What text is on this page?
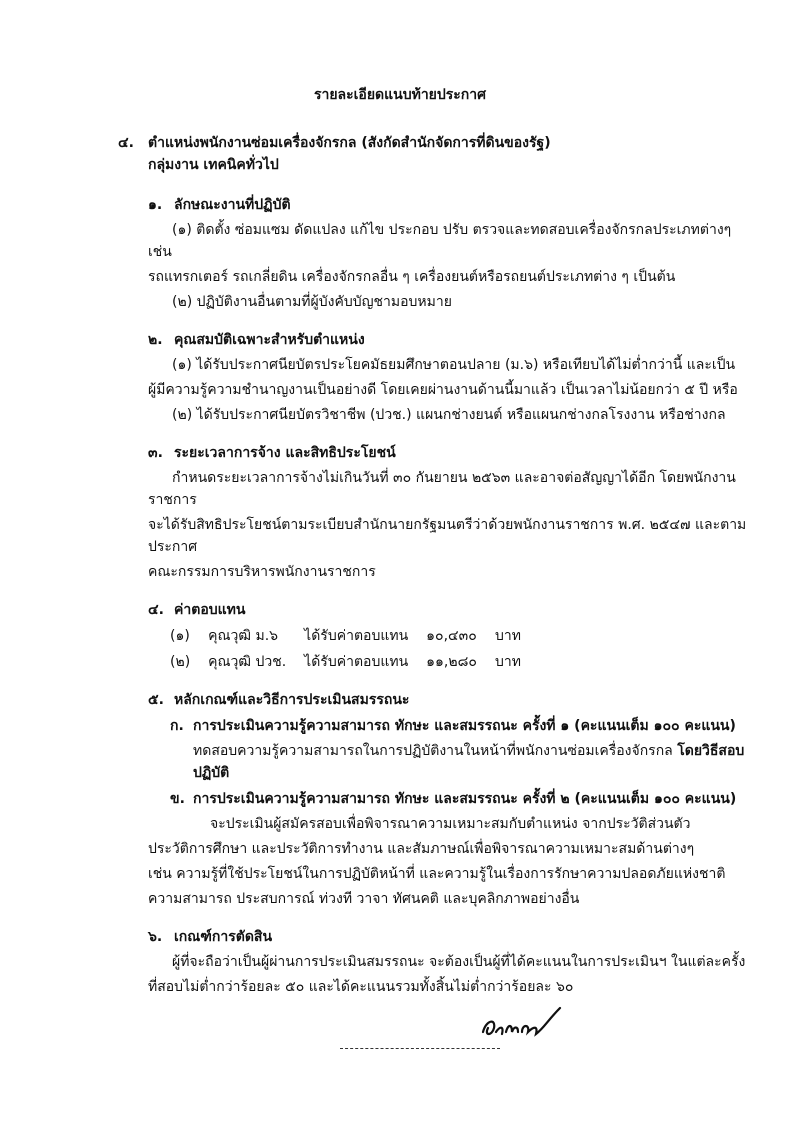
รายละเอียดแนบท้ายประกาศ
๔.	ตำแหน่งพนักงานซ่อมเครื่องจักรกล (สังกัดสำนักจัดการที่ดินของรัฐ)
กลุ่มงาน เทคนิคทั่วไป
๑. ลักษณะงานที่ปฏิบัติ
(๑) ติดตั้ง ซ่อมแซม ดัดแปลง แก้ไข ประกอบ ปรับ ตรวจและทดสอบเครื่องจักรกลประเภทต่างๆ เช่น
รถแทรกเตอร์ รถเกลี่ยดิน เครื่องจักรกลอื่น ๆ เครื่องยนต์หรือรถยนต์ประเภทต่าง ๆ เป็นต้น
(๒) ปฏิบัติงานอื่นตามที่ผู้บังคับบัญชามอบหมาย
๒. คุณสมบัติเฉพาะสำหรับตำแหน่ง
(๑) ได้รับประกาศนียบัตรประโยคมัธยมศึกษาตอนปลาย (ม.๖) หรือเทียบได้ไม่ต่ำกว่านี้ และเป็น
ผู้มีความรู้ความชำนาญงานเป็นอย่างดี โดยเคยผ่านงานด้านนี้มาแล้ว เป็นเวลาไม่น้อยกว่า ๕ ปี หรือ
(๒) ได้รับประกาศนียบัตรวิชาชีพ (ปวช.) แผนกช่างยนต์ หรือแผนกช่างกลโรงงาน หรือช่างกล
๓. ระยะเวลาการจ้าง และสิทธิประโยชน์
กำหนดระยะเวลาการจ้างไม่เกินวันที่ ๓๐ กันยายน ๒๕๖๓ และอาจต่อสัญญาได้อีก โดยพนักงานราชการ
จะได้รับสิทธิประโยชน์ตามระเบียบสำนักนายกรัฐมนตรีว่าด้วยพนักงานราชการ พ.ศ. ๒๕๔๗ และตามประกาศ
คณะกรรมการบริหารพนักงานราชการ
๔. ค่าตอบแทน
(๑) คุณวุฒิ ม.๖	ได้รับค่าตอบแทน ๑๐,๔๓๐ บาท
(๒) คุณวุฒิ ปวช. ได้รับค่าตอบแทน ๑๑,๒๘๐ บาท
๕. หลักเกณฑ์และวิธีการประเมินสมรรถนะ
ก. การประเมินความรู้ความสามารถ ทักษะ และสมรรถนะ ครั้งที่ ๑ (คะแนนเต็ม ๑๐๐ คะแนน)
ทดสอบความรู้ความสามารถในการปฏิบัติงานในหน้าที่พนักงานซ่อมเครื่องจักรกล โดยวิธีสอบปฏิบัติ
ข. การประเมินความรู้ความสามารถ ทักษะ และสมรรถนะ ครั้งที่ ๒ (คะแนนเต็ม ๑๐๐ คะแนน)
จะประเมินผู้สมัครสอบเพื่อพิจารณาความเหมาะสมกับตำแหน่ง จากประวัติส่วนตัว
ประวัติการศึกษา และประวัติการทำงาน และสัมภาษณ์เพื่อพิจารณาความเหมาะสมด้านต่างๆ
เช่น ความรู้ที่ใช้ประโยชน์ในการปฏิบัติหน้าที่ และความรู้ในเรื่องการรักษาความปลอดภัยแห่งชาติ
ความสามารถ ประสบการณ์ ท่วงที วาจา ทัศนคติ และบุคลิกภาพอย่างอื่น
๖. เกณฑ์การตัดสิน
ผู้ที่จะถือว่าเป็นผู้ผ่านการประเมินสมรรถนะ จะต้องเป็นผู้ที่ได้คะแนนในการประเมินฯ ในแต่ละครั้ง
ที่สอบไม่ต่ำกว่าร้อยละ ๕๐ และได้คะแนนรวมทั้งสิ้นไม่ต่ำกว่าร้อยละ ๖๐
